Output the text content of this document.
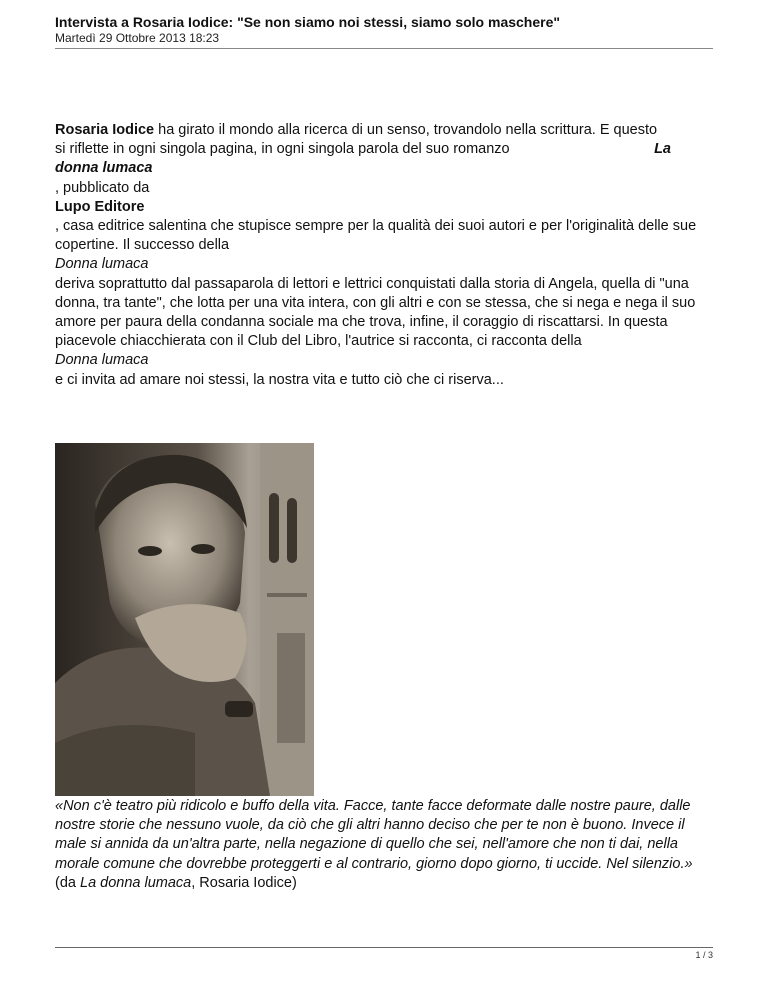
Intervista a Rosaria Iodice: "Se non siamo noi stessi, siamo solo maschere"
Martedì 29 Ottobre 2013 18:23

Rosaria Iodice ha girato il mondo alla ricerca di un senso, trovandolo nella scrittura. E questo
si riflette in ogni singola pagina, in ogni singola parola del suo romanzo	La

donna lumaca

, pubblicato da

Lupo Editore

, casa editrice salentina che stupisce sempre per la qualità dei suoi autori e per l'originalità delle sue copertine. Il successo della

Donna lumaca

deriva soprattutto dal passaparola di lettori e lettrici conquistati dalla storia di Angela, quella di "una donna, tra tante", che lotta per una vita intera, con gli altri e con se stessa, che si nega e nega il suo amore per paura della condanna sociale ma che trova, infine, il coraggio di riscattarsi. In questa piacevole chiacchierata con il Club del Libro, l'autrice si racconta, ci racconta della

Donna lumaca

e ci invita ad amare noi stessi, la nostra vita e tutto ciò che ci riserva...

«Non c'è teatro più ridicolo e buffo della vita. Facce, tante facce deformate dalle nostre paure, dalle nostre storie che nessuno vuole, da ciò che gli altri hanno deciso che per te non è buono. Invece il male si annida da un'altra parte, nella negazione di quello che sei, nell'amore che non ti dai, nella morale comune che dovrebbe proteggerti e al contrario, giorno dopo giorno, ti uccide. Nel silenzio.»

(da La donna lumaca, Rosaria Iodice)

1 / 3
